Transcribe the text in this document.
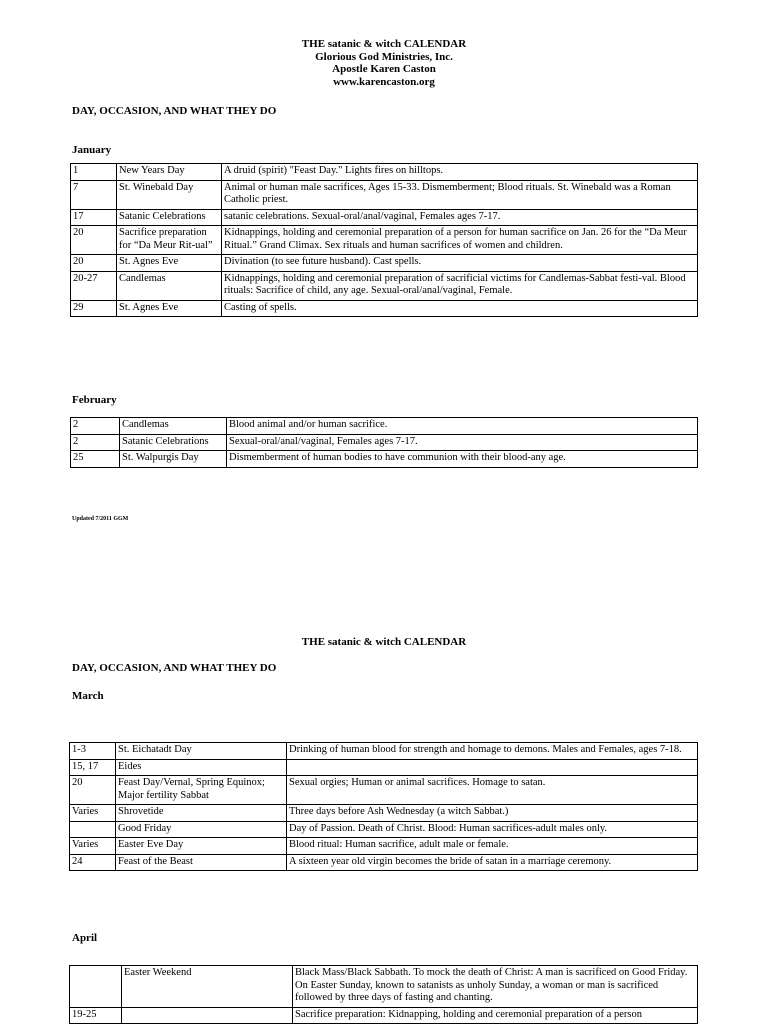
THE satanic & witch CALENDAR
Glorious God Ministries, Inc.
Apostle Karen Caston
www.karencaston.org
DAY, OCCASION, AND WHAT THEY DO
January
1	New Years Day	A druid (spirit) "Feast Day." Lights fires on hilltops.
7	St. Winebald Day	Animal or human male sacrifices, Ages 15-33. Dismemberment; Blood rituals. St. Winebald was a Roman Catholic priest.
17	Satanic Celebrations	satanic celebrations. Sexual-oral/anal/vaginal, Females ages 7-17.
20	Sacrifice preparation for “Da Meur Rit-ual”	Kidnappings, holding and ceremonial preparation of a person for human sacrifice on Jan. 26 for the “Da Meur Ritual.” Grand Climax. Sex rituals and human sacrifices of women and children.
20	St. Agnes Eve	Divination (to see future husband). Cast spells.
20-27	Candlemas	Kidnappings, holding and ceremonial preparation of sacrificial victims for Candlemas-Sabbat festi-val. Blood rituals: Sacrifice of child, any age. Sexual-oral/anal/vaginal, Female.
29	St. Agnes Eve	Casting of spells.
February
2	Candlemas	Blood animal and/or human sacrifice.
2	Satanic Celebrations	Sexual-oral/anal/vaginal, Females ages 7-17.
25	St. Walpurgis Day	Dismemberment of human bodies to have communion with their blood-any age.
Updated 7/2011 GGM
THE satanic & witch CALENDAR
DAY, OCCASION, AND WHAT THEY DO
March
1-3	St. Eichatadt Day	Drinking of human blood for strength and homage to demons. Males and Females, ages 7-18.
15, 17	Eides	
20	Feast Day/Vernal, Spring Equinox; Major fertility Sabbat	Sexual orgies; Human or animal sacrifices. Homage to satan.
Varies	Shrovetide	Three days before Ash Wednesday (a witch Sabbat.)
	Good Friday	Day of Passion. Death of Christ. Blood: Human sacrifices-adult males only.
Varies	Easter Eve Day	Blood ritual: Human sacrifice, adult male or female.
24	Feast of the Beast	A sixteen year old virgin becomes the bride of satan in a marriage ceremony.
April
	Easter Weekend	Black Mass/Black Sabbath. To mock the death of Christ: A man is sacrificed on Good Friday. On Easter Sunday, known to satanists as unholy Sunday, a woman or man is sacrificed followed by three days of fasting and chanting.
19-25		Sacrifice preparation: Kidnapping, holding and ceremonial preparation of a person
